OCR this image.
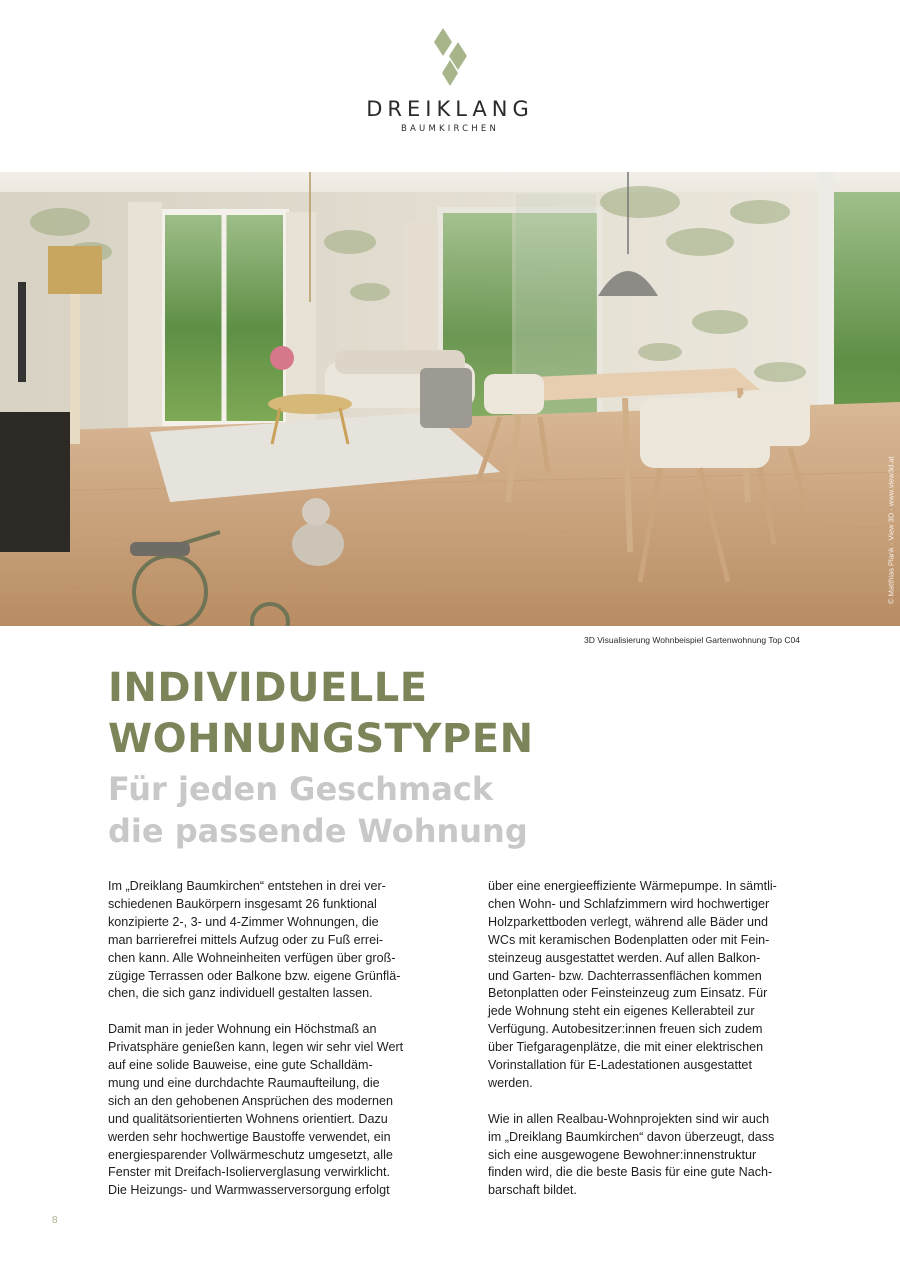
DREIKLANG
BAUMKIRCHEN
© Matthias Plank · View 3D · www.view3d.at
3D Visualisierung Wohnbeispiel Gartenwohnung Top C04
INDIVIDUELLE
WOHNUNGSTYPEN
Für jeden Geschmack
die passende Wohnung

Im „Dreiklang Baumkirchen“ entstehen in drei ver-
schiedenen Baukörpern insgesamt 26 funktional
konzipierte 2-, 3- und 4-Zimmer Wohnungen, die
man barrierefrei mittels Aufzug oder zu Fuß errei-
chen kann. Alle Wohneinheiten verfügen über groß-
zügige Terrassen oder Balkone bzw. eigene Grünflä-
chen, die sich ganz individuell gestalten lassen.

Damit man in jeder Wohnung ein Höchstmaß an
Privatsphäre genießen kann, legen wir sehr viel Wert
auf eine solide Bauweise, eine gute Schalldäm-
mung und eine durchdachte Raumaufteilung, die
sich an den gehobenen Ansprüchen des modernen
und qualitätsorientierten Wohnens orientiert. Dazu
werden sehr hochwertige Baustoffe verwendet, ein
energiesparender Vollwärmeschutz umgesetzt, alle
Fenster mit Dreifach-Isolierverglasung verwirklicht.
Die Heizungs- und Warmwasserversorgung erfolgt

über eine energieeffiziente Wärmepumpe. In sämtli-
chen Wohn- und Schlafzimmern wird hochwertiger
Holzparkettboden verlegt, während alle Bäder und
WCs mit keramischen Bodenplatten oder mit Fein-
steinzeug ausgestattet werden. Auf allen Balkon-
und Garten- bzw. Dachterrassenflächen kommen
Betonplatten oder Feinsteinzeug zum Einsatz. Für
jede Wohnung steht ein eigenes Kellerabteil zur
Verfügung. Autobesitzer:innen freuen sich zudem
über Tiefgaragenplätze, die mit einer elektrischen
Vorinstallation für E-Ladestationen ausgestattet
werden.

Wie in allen Realbau-Wohnprojekten sind wir auch
im „Dreiklang Baumkirchen“ davon überzeugt, dass
sich eine ausgewogene Bewohner:innenstruktur
finden wird, die die beste Basis für eine gute Nach-
barschaft bildet.

8
